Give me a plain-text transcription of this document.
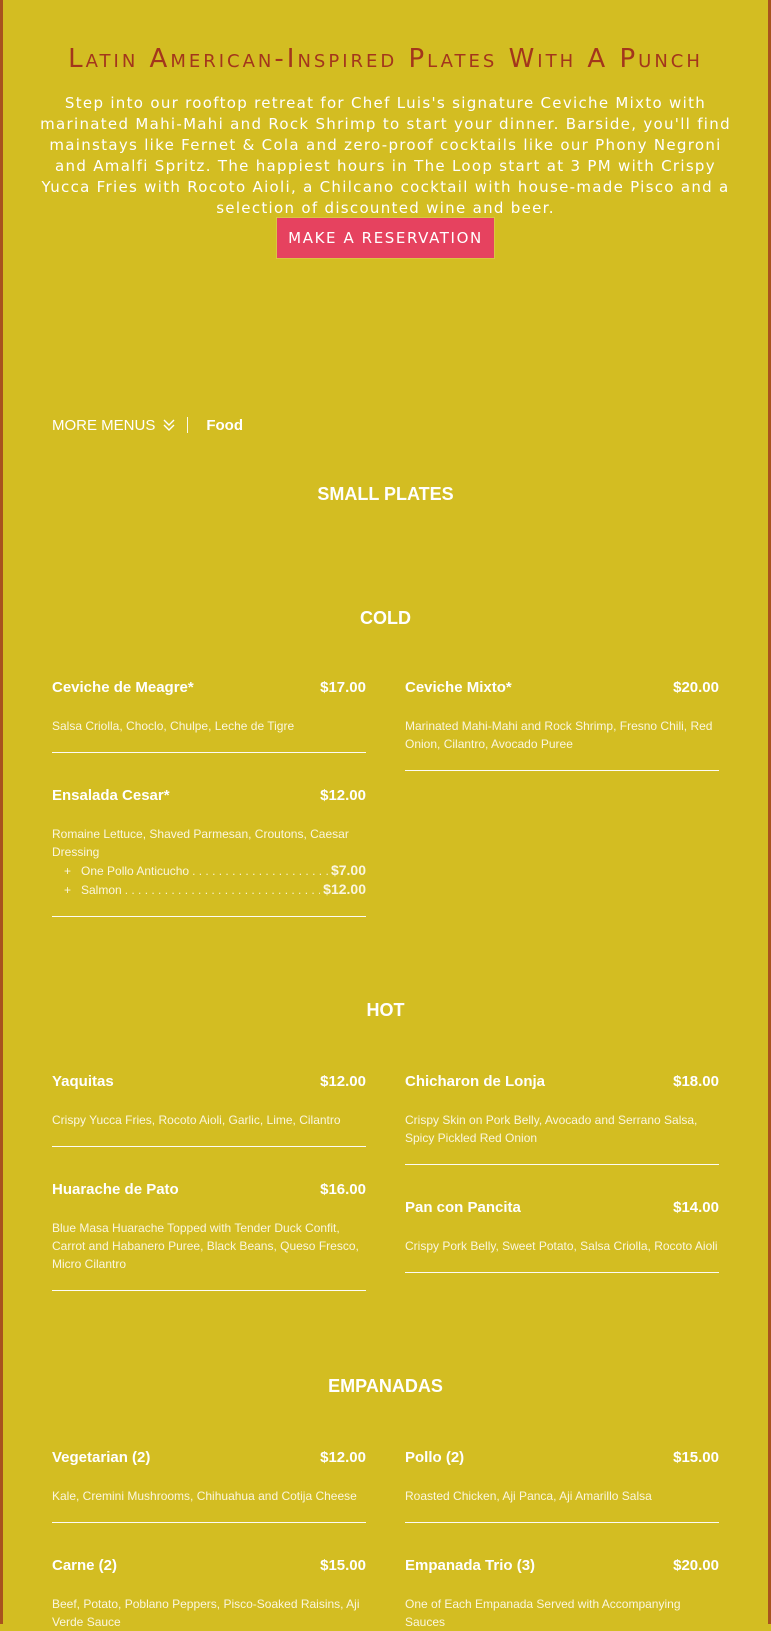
Latin American-Inspired Plates With A Punch

Step into our rooftop retreat for Chef Luis's signature Ceviche Mixto with marinated Mahi-Mahi and Rock Shrimp to start your dinner. Barside, you'll find mainstays like Fernet & Cola and zero-proof cocktails like our Phony Negroni and Amalfi Spritz. The happiest hours in The Loop start at 3 PM with Crispy Yucca Fries with Rocoto Aioli, a Chilcano cocktail with house-made Pisco and a selection of discounted wine and beer.

MAKE A RESERVATION
MORE MENUS	Food
SMALL PLATES
COLD
HOT
EMPANADAS
Ceviche de Meagre*	$17.00
Salsa Criolla, Choclo, Chulpe, Leche de Tigre
Ceviche Mixto*	$20.00
Marinated Mahi-Mahi and Rock Shrimp, Fresno Chili, Red Onion, Cilantro, Avocado Puree
Ensalada Cesar*	$12.00
Romaine Lettuce, Shaved Parmesan, Croutons, Caesar Dressing
+ One Pollo Anticucho . . .	$7.00
+ Salmon . . .	$12.00
Yaquitas	$12.00
Crispy Yucca Fries, Rocoto Aioli, Garlic, Lime, Cilantro
Chicharon de Lonja	$18.00
Crispy Skin on Pork Belly, Avocado and Serrano Salsa, Spicy Pickled Red Onion
Huarache de Pato	$16.00
Blue Masa Huarache Topped with Tender Duck Confit, Carrot and Habanero Puree, Black Beans, Queso Fresco, Micro Cilantro
Pan con Pancita	$14.00
Crispy Pork Belly, Sweet Potato, Salsa Criolla, Rocoto Aioli
Vegetarian (2)	$12.00
Kale, Cremini Mushrooms, Chihuahua and Cotija Cheese
Pollo (2)	$15.00
Roasted Chicken, Aji Panca, Aji Amarillo Salsa
Carne (2)	$15.00
Beef, Potato, Poblano Peppers, Pisco-Soaked Raisins, Aji Verde Sauce
Empanada Trio (3)	$20.00
One of Each Empanada Served with Accompanying Sauces
